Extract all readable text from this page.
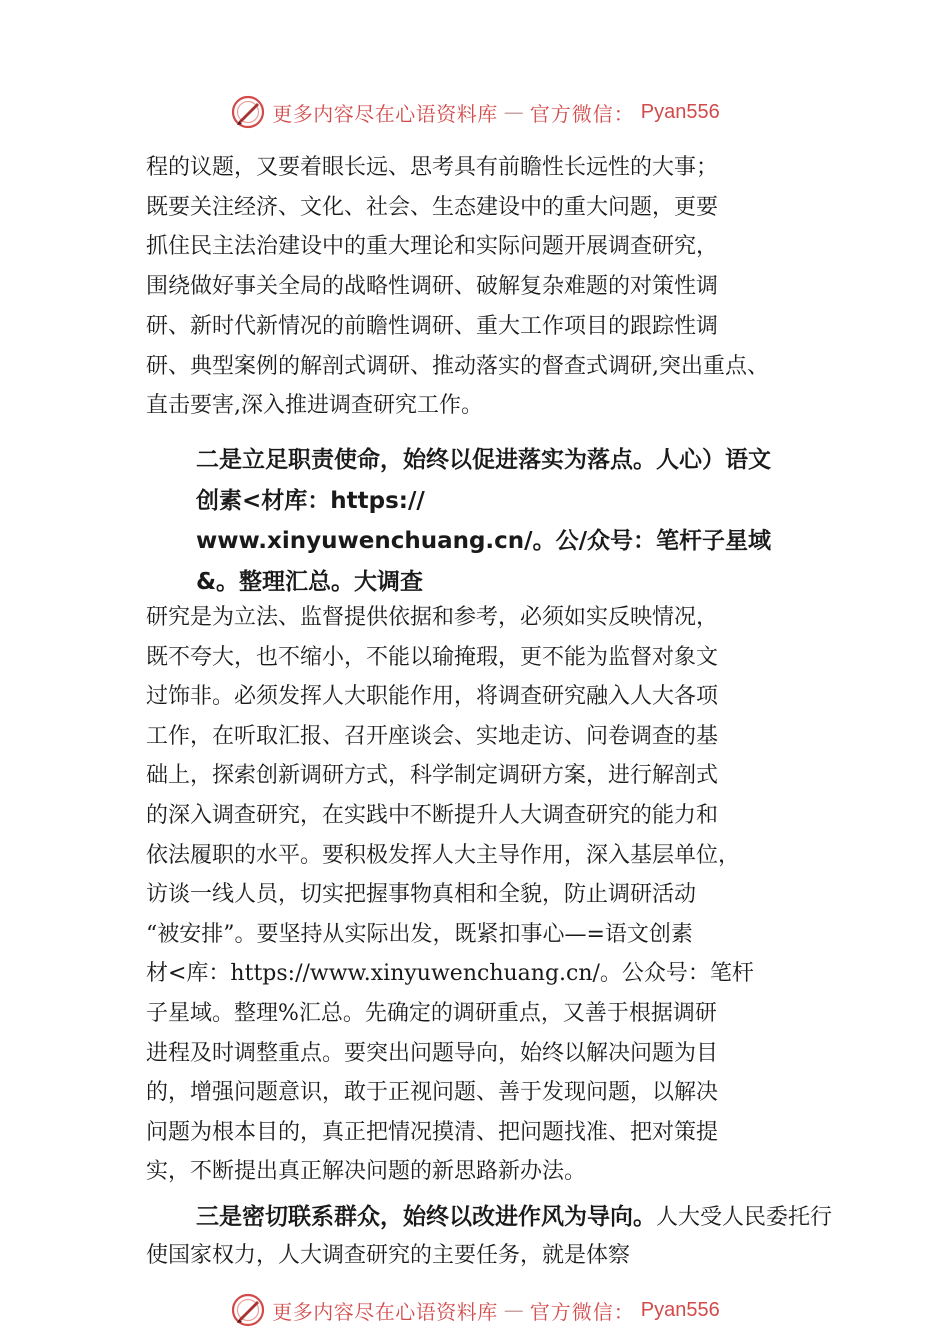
更多内容尽在心语资料库 — 官方微信： Pyan556

程的议题，又要着眼长远、思考具有前瞻性长远性的大事；
既要关注经济、文化、社会、生态建设中的重大问题，更要
抓住民主法治建设中的重大理论和实际问题开展调查研究，
围绕做好事关全局的战略性调研、破解复杂难题的对策性调
研、新时代新情况的前瞻性调研、重大工作项目的跟踪性调
研、典型案例的解剖式调研、推动落实的督查式调研,突出重点、
直击要害,深入推进调查研究工作。

二是立足职责使命，始终以促进落实为落点。人心）语文
创素<材库：https://
www.xinyuwenchuang.cn/。公/众号：笔杆子星域
&。整理汇总。大调查

研究是为立法、监督提供依据和参考，必须如实反映情况，
既不夸大，也不缩小，不能以瑜掩瑕，更不能为监督对象文
过饰非。必须发挥人大职能作用，将调查研究融入人大各项
工作，在听取汇报、召开座谈会、实地走访、问卷调查的基
础上，探索创新调研方式，科学制定调研方案，进行解剖式
的深入调查研究，在实践中不断提升人大调查研究的能力和
依法履职的水平。要积极发挥人大主导作用，深入基层单位，
访谈一线人员，切实把握事物真相和全貌，防止调研活动
“被安排”。要坚持从实际出发，既紧扣事心—=语文创素
材<库：https://www.xinyuwenchuang.cn/。公众号：笔杆
子星域。整理%汇总。先确定的调研重点，又善于根据调研
进程及时调整重点。要突出问题导向，始终以解决问题为目
的，增强问题意识，敢于正视问题、善于发现问题，以解决
问题为根本目的，真正把情况摸清、把问题找准、把对策提
实，不断提出真正解决问题的新思路新办法。

三是密切联系群众，始终以改进作风为导向。人大受人民委托行使国家权力，人大调查研究的主要任务，就是体察

更多内容尽在心语资料库 — 官方微信： Pyan556
